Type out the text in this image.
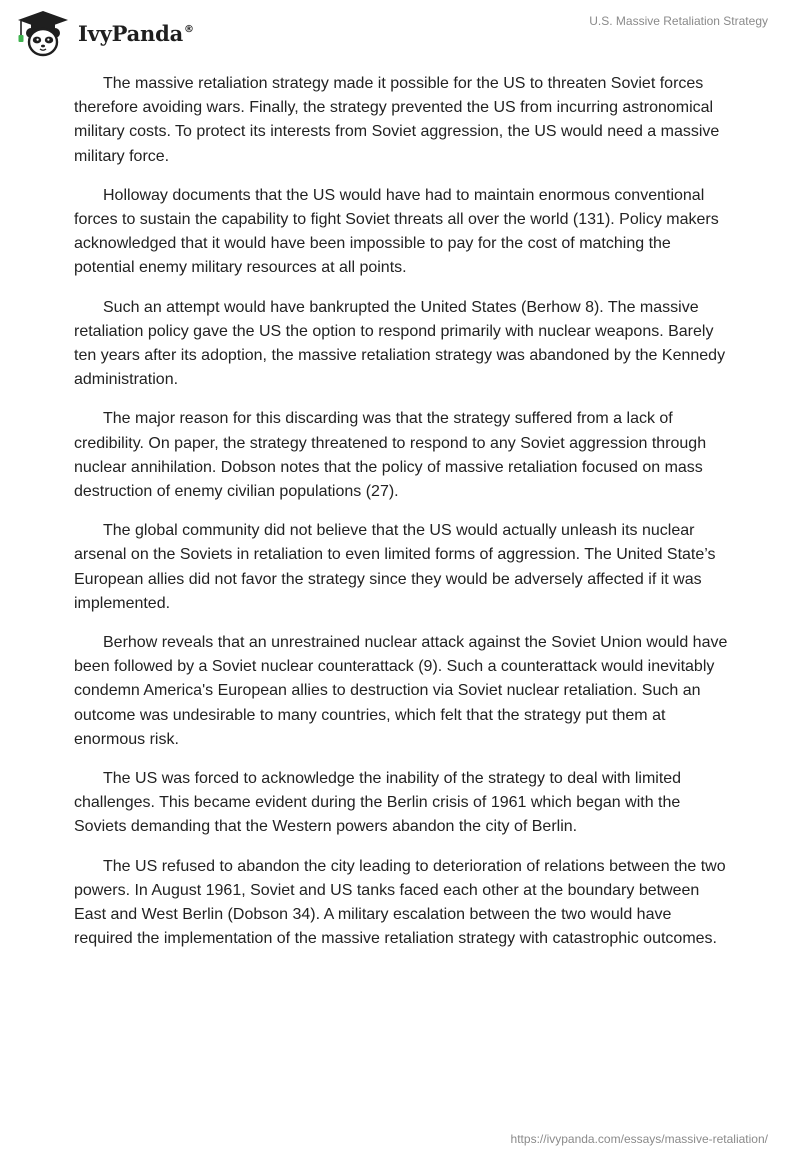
IvyPanda®
U.S. Massive Retaliation Strategy

The massive retaliation strategy made it possible for the US to threaten Soviet forces therefore avoiding wars. Finally, the strategy prevented the US from incurring astronomical military costs. To protect its interests from Soviet aggression, the US would need a massive military force.

Holloway documents that the US would have had to maintain enormous conventional forces to sustain the capability to fight Soviet threats all over the world (131). Policy makers acknowledged that it would have been impossible to pay for the cost of matching the potential enemy military resources at all points.

Such an attempt would have bankrupted the United States (Berhow 8). The massive retaliation policy gave the US the option to respond primarily with nuclear weapons. Barely ten years after its adoption, the massive retaliation strategy was abandoned by the Kennedy administration.

The major reason for this discarding was that the strategy suffered from a lack of credibility. On paper, the strategy threatened to respond to any Soviet aggression through nuclear annihilation. Dobson notes that the policy of massive retaliation focused on mass destruction of enemy civilian populations (27).

The global community did not believe that the US would actually unleash its nuclear arsenal on the Soviets in retaliation to even limited forms of aggression. The United State’s European allies did not favor the strategy since they would be adversely affected if it was implemented.

Berhow reveals that an unrestrained nuclear attack against the Soviet Union would have been followed by a Soviet nuclear counterattack (9). Such a counterattack would inevitably condemn America's European allies to destruction via Soviet nuclear retaliation. Such an outcome was undesirable to many countries, which felt that the strategy put them at enormous risk.

The US was forced to acknowledge the inability of the strategy to deal with limited challenges. This became evident during the Berlin crisis of 1961 which began with the Soviets demanding that the Western powers abandon the city of Berlin.

The US refused to abandon the city leading to deterioration of relations between the two powers. In August 1961, Soviet and US tanks faced each other at the boundary between East and West Berlin (Dobson 34). A military escalation between the two would have required the implementation of the massive retaliation strategy with catastrophic outcomes.

https://ivypanda.com/essays/massive-retaliation/
